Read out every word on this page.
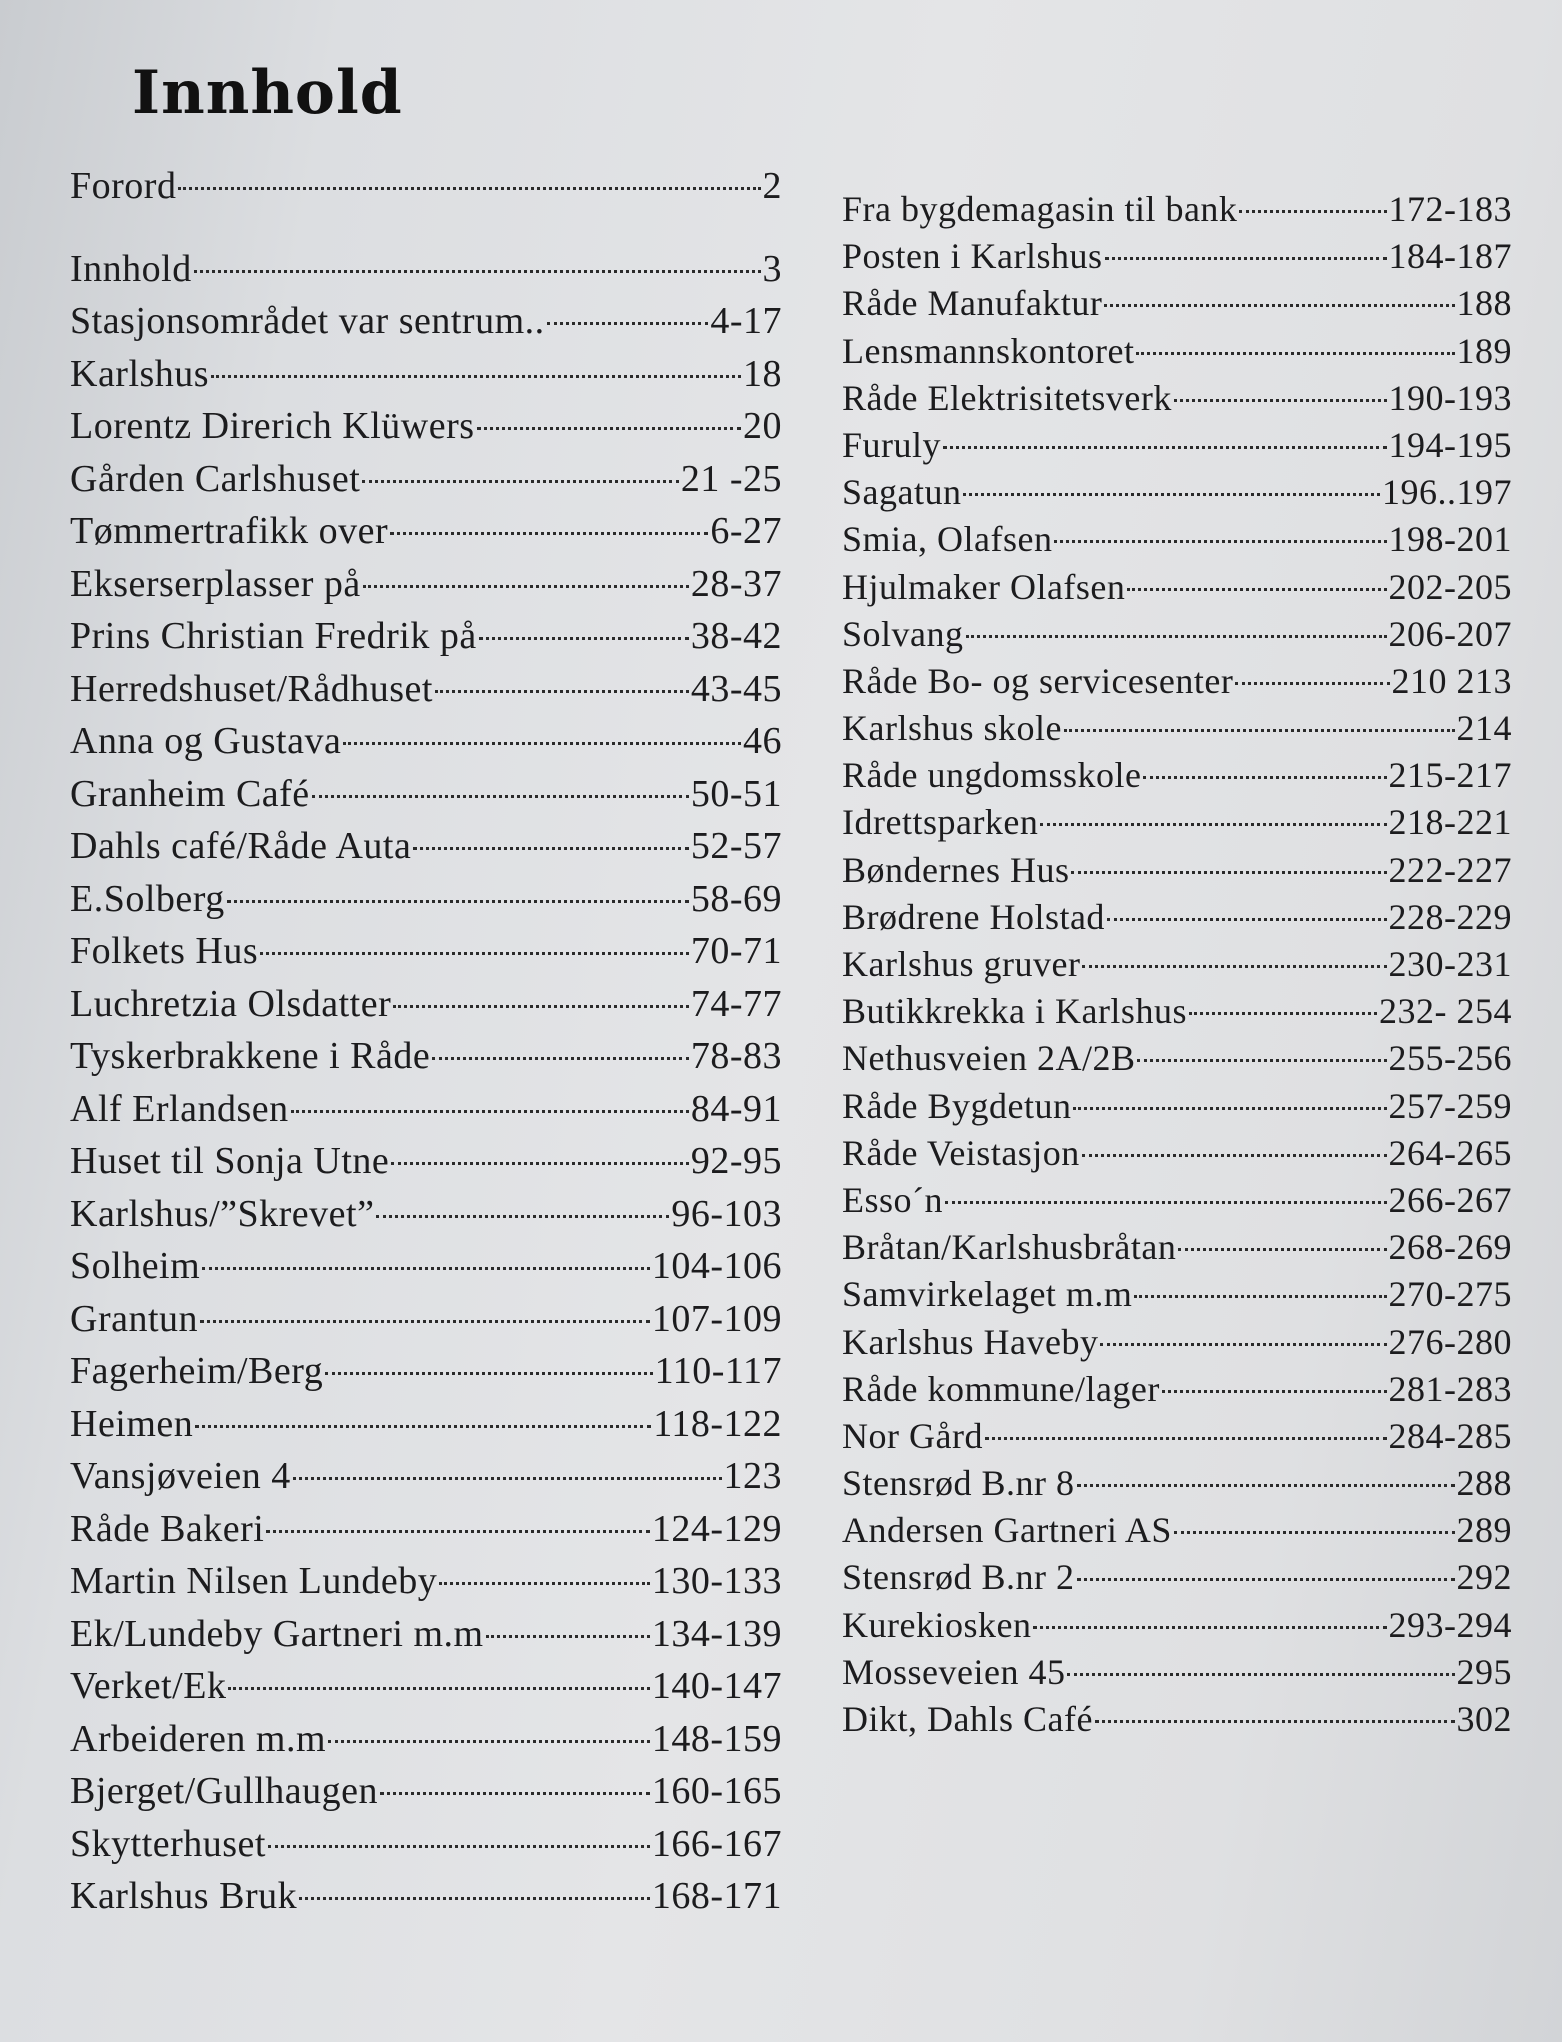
Innhold
Forord	2
Innhold	3
Stasjonsområdet var sentrum..	4-17
Karlshus	18
Lorentz Direrich Klüwers	20
Gården Carlshuset	21 -25
Tømmertrafikk over	6-27
Ekserserplasser på	28-37
Prins Christian Fredrik på	38-42
Herredshuset/Rådhuset	43-45
Anna og Gustava	46
Granheim Café	50-51
Dahls café/Råde Auta	52-57
E.Solberg	58-69
Folkets Hus	70-71
Luchretzia Olsdatter	74-77
Tyskerbrakkene i Råde	78-83
Alf Erlandsen	84-91
Huset til Sonja Utne	92-95
Karlshus/”Skrevet”	96-103
Solheim	104-106
Grantun	107-109
Fagerheim/Berg	110-117
Heimen	118-122
Vansjøveien 4	123
Råde Bakeri	124-129
Martin Nilsen Lundeby	130-133
Ek/Lundeby Gartneri m.m	134-139
Verket/Ek	140-147
Arbeideren m.m	148-159
Bjerget/Gullhaugen	160-165
Skytterhuset	166-167
Karlshus Bruk	168-171
Fra bygdemagasin til bank	172-183
Posten i Karlshus	184-187
Råde Manufaktur	188
Lensmannskontoret	189
Råde Elektrisitetsverk	190-193
Furuly	194-195
Sagatun	196..197
Smia, Olafsen	198-201
Hjulmaker Olafsen	202-205
Solvang	206-207
Råde Bo- og servicesenter	210 213
Karlshus skole	214
Råde ungdomsskole	215-217
Idrettsparken	218-221
Bøndernes Hus	222-227
Brødrene Holstad	228-229
Karlshus gruver	230-231
Butikkrekka i Karlshus	232- 254
Nethusveien 2A/2B	255-256
Råde Bygdetun	257-259
Råde Veistasjon	264-265
Esso´n	266-267
Bråtan/Karlshusbråtan	268-269
Samvirkelaget m.m	270-275
Karlshus Haveby	276-280
Råde kommune/lager	281-283
Nor Gård	284-285
Stensrød B.nr 8	288
Andersen Gartneri AS	289
Stensrød B.nr 2	292
Kurekiosken	293-294
Mosseveien 45	295
Dikt, Dahls Café	302
